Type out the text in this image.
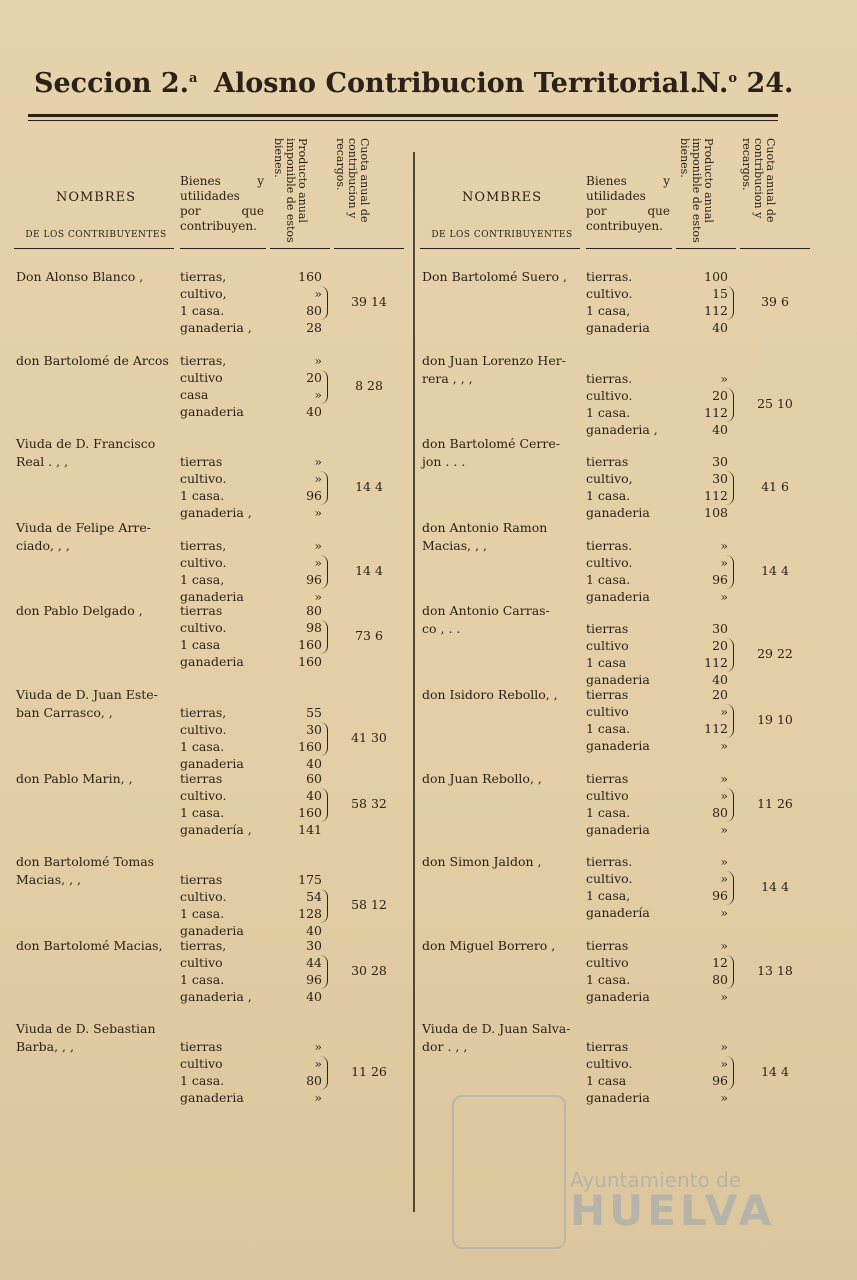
Seccion 2.$^a$ Alosno Contribucion Territorial.
N.$^o$ 24.
NOMBRES
DE LOS CONTRIBUYENTES
Bienes y utilidades por que contribuyen.
Producto anual imponible de estos bienes.	Cuota anual de contribucion y recargos.
Don Alonso Blanco ,	tierras,	160
cultivo,	»
1 casa.	80
ganaderia ,	28
39 14
don Bartolomé de Arcos tierras,	»
cultivo	20
casa	»
ganaderia	40
8 28
Viuda de D. Francisco
Real . , ,	tierras	»
cultivo.	»
1 casa.	96
ganaderia ,	»
14 4
Viuda de Felipe Arre-
ciado, , ,	tierras,	»
cultivo.	»
1 casa,	96
ganaderia	»
14 4
don Pablo Delgado ,	tierras	80
cultivo.	98
1 casa	160
ganaderia	160
73 6
Viuda de D. Juan Este-
ban Carrasco, ,	tierras,	55
cultivo.	30
1 casa.	160
ganaderia	40
41 30
don Pablo Marin, ,	tierras	60
cultivo.	40
1 casa.	160
ganadería ,	141
58 32
don Bartolomé Tomas
Macias, , ,	tierras	175
cultivo.	54
1 casa.	128
ganaderia	40
58 12
don Bartolomé Macias,	tierras,	30
cultivo	44
1 casa.	96
ganaderia ,	40
30 28
Viuda de D. Sebastian
Barba, , ,	tierras	»
cultivo	»
1 casa.	80
ganaderia	»
11 26
NOMBRES
DE LOS CONTRIBUYENTES
Bienes y utilidades por que contribuyen.
Producto anual imponible de estos bienes.	Cuota anual de contribucion y recargos.
Don Bartolomé Suero ,	tierras.	100
cultivo.	15
1 casa,	112
ganaderia	40
39 6
don Juan Lorenzo Her-
rera , , ,	tierras.	»
cultivo.	20
1 casa.	112
ganaderia ,	40
25 10
don Bartolomé Cerre-
jon . . .	tierras	30
cultivo,	30
1 casa.	112
ganaderia	108
41 6
don Antonio Ramon
Macias, , ,	tierras.	»
cultivo.	»
1 casa.	96
ganaderia	»
14 4
don Antonio Carras-
co , . .	tierras	30
cultivo	20
1 casa	112
ganaderia	40
29 22
don Isidoro Rebollo, ,	tierras	20
cultivo	»
1 casa.	112
ganaderia	»
19 10
don Juan Rebollo, ,	tierras	»
cultivo	»
1 casa.	80
ganaderia	»
11 26
don Simon Jaldon ,	tierras.	»
cultivo.	»
1 casa,	96
ganadería	»
14 4
don Miguel Borrero ,	tierras	»
cultivo	12
1 casa.	80
ganaderia	»
13 18
Viuda de D. Juan Salva-
dor . , ,	tierras	»
cultivo.	»
1 casa	96
ganaderia	»
14 4
Ayuntamiento de
HUELVA
